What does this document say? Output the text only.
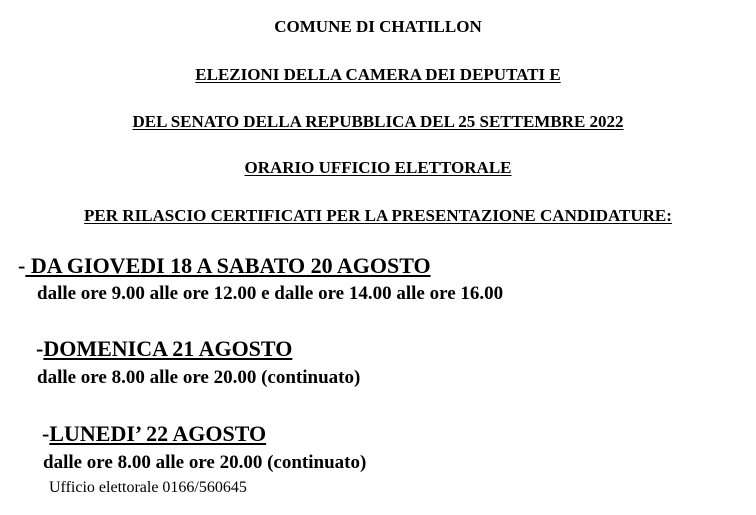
COMUNE DI CHATILLON
ELEZIONI DELLA CAMERA DEI DEPUTATI E
DEL SENATO DELLA REPUBBLICA DEL 25 SETTEMBRE 2022
ORARIO UFFICIO ELETTORALE
PER RILASCIO CERTIFICATI PER LA PRESENTAZIONE CANDIDATURE:
- DA GIOVEDI 18 A SABATO 20 AGOSTO
dalle ore 9.00 alle ore 12.00 e dalle ore 14.00 alle ore 16.00
-DOMENICA 21 AGOSTO
dalle ore 8.00 alle ore 20.00 (continuato)
-LUNEDI’ 22 AGOSTO
dalle ore 8.00 alle ore 20.00 (continuato)
Ufficio elettorale 0166/560645
